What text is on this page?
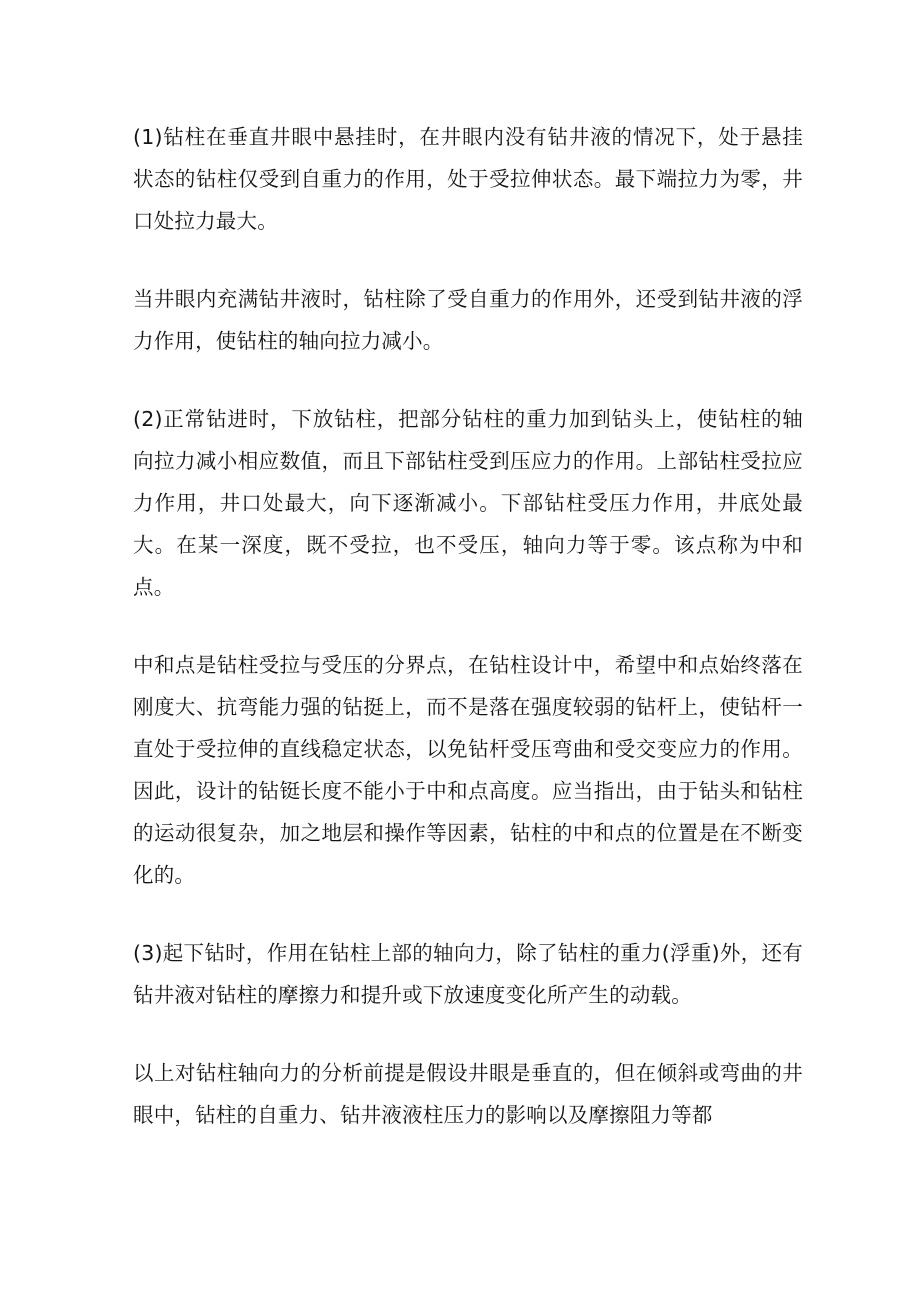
(1)钻柱在垂直井眼中悬挂时，在井眼内没有钻井液的情况下，处于悬挂状态的钻柱仅受到自重力的作用，处于受拉伸状态。最下端拉力为零，井口处拉力最大。

当井眼内充满钻井液时，钻柱除了受自重力的作用外，还受到钻井液的浮力作用，使钻柱的轴向拉力减小。

(2)正常钻进时，下放钻柱，把部分钻柱的重力加到钻头上，使钻柱的轴向拉力减小相应数值，而且下部钻柱受到压应力的作用。上部钻柱受拉应力作用，井口处最大，向下逐渐减小。下部钻柱受压力作用，井底处最大。在某一深度，既不受拉，也不受压，轴向力等于零。该点称为中和点。

中和点是钻柱受拉与受压的分界点，在钻柱设计中，希望中和点始终落在刚度大、抗弯能力强的钻挺上，而不是落在强度较弱的钻杆上，使钻杆一直处于受拉伸的直线稳定状态，以免钻杆受压弯曲和受交变应力的作用。因此，设计的钻铤长度不能小于中和点高度。应当指出，由于钻头和钻柱的运动很复杂，加之地层和操作等因素，钻柱的中和点的位置是在不断变化的。

(3)起下钻时，作用在钻柱上部的轴向力，除了钻柱的重力(浮重)外，还有钻井液对钻柱的摩擦力和提升或下放速度变化所产生的动载。

以上对钻柱轴向力的分析前提是假设井眼是垂直的，但在倾斜或弯曲的井眼中，钻柱的自重力、钻井液液柱压力的影响以及摩擦阻力等都
